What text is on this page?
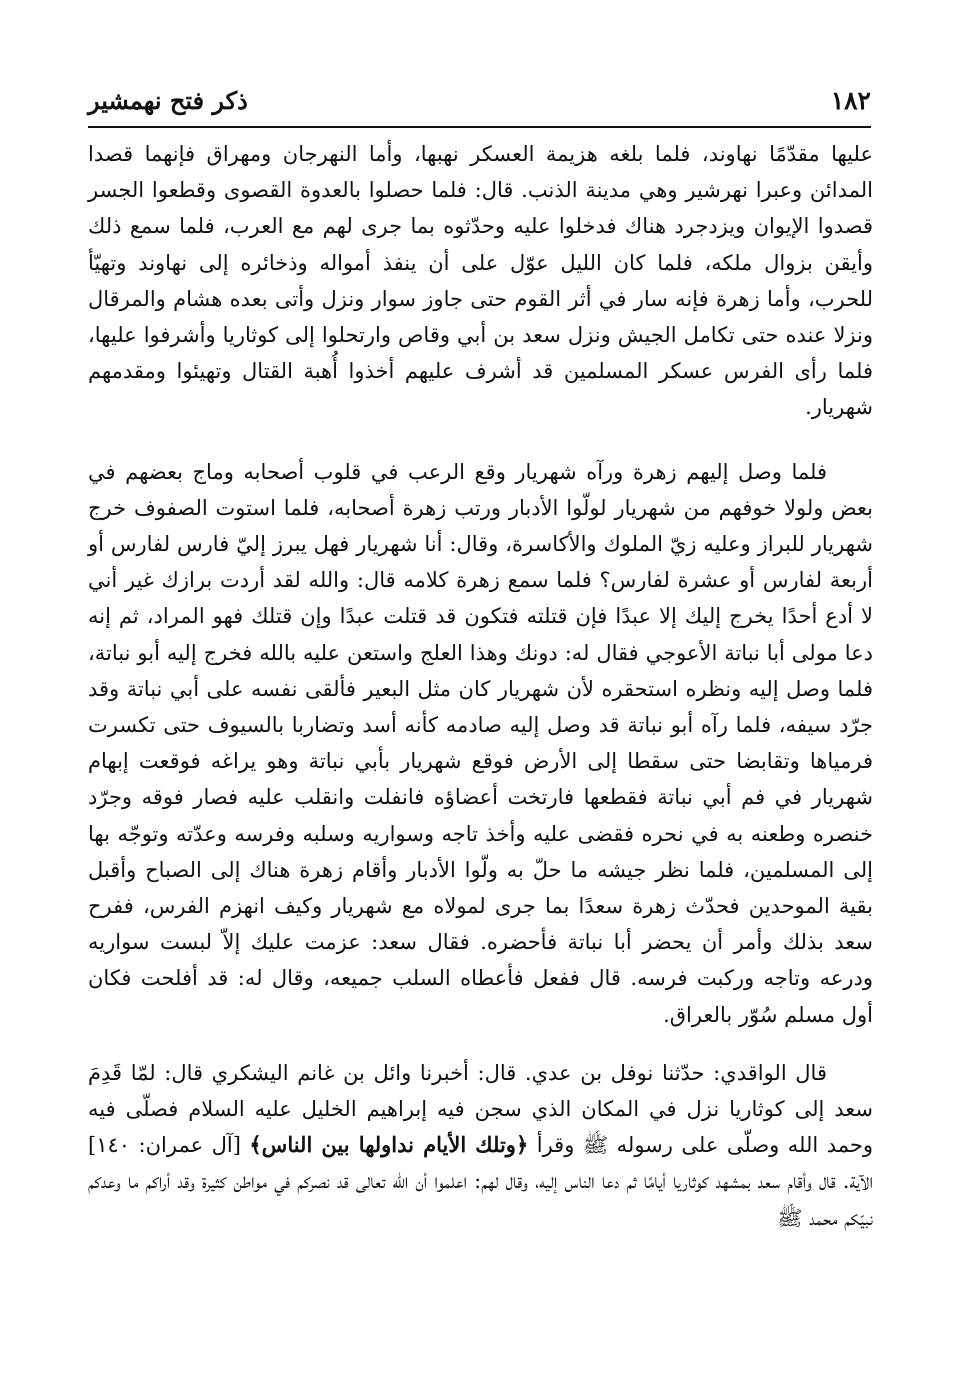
١٨٢
ذكر فتح نهمشير

عليها مقدّمًا نهاوند، فلما بلغه هزيمة العسكر نهبها، وأما النهرجان ومهراق فإنهما قصدا المدائن وعبرا نهرشير وهي مدينة الذنب. قال: فلما حصلوا بالعدوة القصوى وقطعوا الجسر قصدوا الإيوان ويزدجرد هناك فدخلوا عليه وحدّثوه بما جرى لهم مع العرب، فلما سمع ذلك وأيقن بزوال ملكه، فلما كان الليل عوّل على أن ينفذ أمواله وذخائره إلى نهاوند وتهيّأ للحرب، وأما زهرة فإنه سار في أثر القوم حتى جاوز سوار ونزل وأتى بعده هشام والمرقال ونزلا عنده حتى تكامل الجيش ونزل سعد بن أبي وقاص وارتحلوا إلى كوثاريا وأشرفوا عليها، فلما رأى الفرس عسكر المسلمين قد أشرف عليهم أخذوا أُهبة القتال وتهيئوا ومقدمهم شهريار.

فلما وصل إليهم زهرة ورآه شهريار وقع الرعب في قلوب أصحابه وماج بعضهم في بعض ولولا خوفهم من شهريار لولّوا الأدبار ورتب زهرة أصحابه، فلما استوت الصفوف خرج شهريار للبراز وعليه زيّ الملوك والأكاسرة، وقال: أنا شهريار فهل يبرز إليّ فارس لفارس أو أربعة لفارس أو عشرة لفارس؟ فلما سمع زهرة كلامه قال: والله لقد أردت برازك غير أني لا أدع أحدًا يخرج إليك إلا عبدًا فإن قتلته فتكون قد قتلت عبدًا وإن قتلك فهو المراد، ثم إنه دعا مولى أبا نباتة الأعوجي فقال له: دونك وهذا العلج واستعن عليه بالله فخرج إليه أبو نباتة، فلما وصل إليه ونظره استحقره لأن شهريار كان مثل البعير فألقى نفسه على أبي نباتة وقد جرّد سيفه، فلما رآه أبو نباتة قد وصل إليه صادمه كأنه أسد وتضاربا بالسيوف حتى تكسرت فرمياها وتقابضا حتى سقطا إلى الأرض فوقع شهريار بأبي نباتة وهو يراغه فوقعت إبهام شهريار في فم أبي نباتة فقطعها فارتخت أعضاؤه فانفلت وانقلب عليه فصار فوقه وجرّد خنصره وطعنه به في نحره فقضى عليه وأخذ تاجه وسواريه وسلبه وفرسه وعدّته وتوجّه بها إلى المسلمين، فلما نظر جيشه ما حلّ به ولّوا الأدبار وأقام زهرة هناك إلى الصباح وأقبل بقية الموحدين فحدّث زهرة سعدًا بما جرى لمولاه مع شهريار وكيف انهزم الفرس، ففرح سعد بذلك وأمر أن يحضر أبا نباتة فأحضره. فقال سعد: عزمت عليك إلاّ لبست سواريه ودرعه وتاجه وركبت فرسه. قال ففعل فأعطاه السلب جميعه، وقال له: قد أفلحت فكان أول مسلم سُوّر بالعراق.

قال الواقدي: حدّثنا نوفل بن عدي. قال: أخبرنا وائل بن غانم اليشكري قال: لمّا قَدِمَ سعد إلى كوثاريا نزل في المكان الذي سجن فيه إبراهيم الخليل عليه السلام فصلّى فيه وحمد الله وصلّى على رسوله ﷺ وقرأ ﴿وتلك الأيام نداولها بين الناس﴾ [آل عمران: ١٤٠] الآية. قال وأقام سعد بمشهد كوثاريا أيامًا ثم دعا الناس إليه، وقال لهم: اعلموا أن الله تعالى قد نصركم في مواطن كثيرة وقد أراكم ما وعدكم نبيّكم محمد ﷺ
